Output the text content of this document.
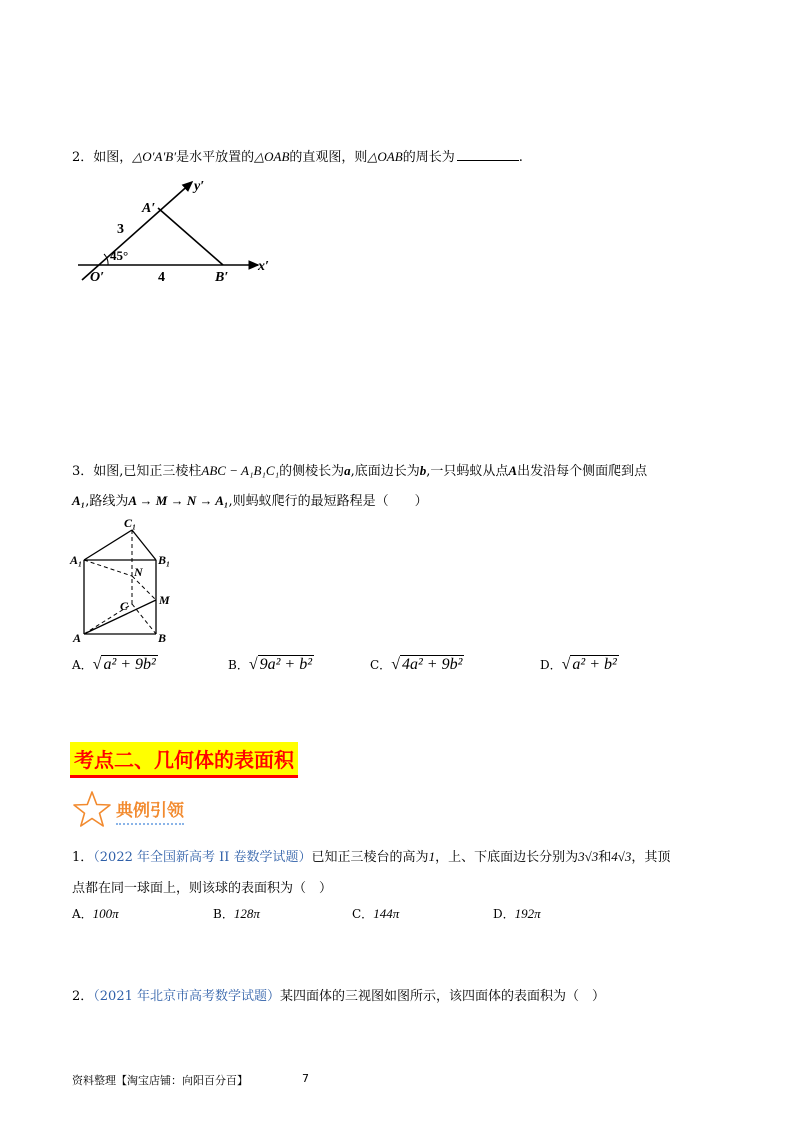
2．如图，△O′A′B′是水平放置的△OAB的直观图，则△OAB的周长为	.
A′
y′
3
45°
O′	4	B′
x′
3．如图,已知正三棱柱ABC − A₁B₁C₁的侧棱长为a,底面边长为b,一只蚂蚁从点A出发沿每个侧面爬到点
A₁,路线为A → M → N → A₁,则蚂蚁爬行的最短路程是（　　）
C₁
A₁	B₁
N
C	M
A	B
A．√ a² + 9b²	B．√ 9a² + b²	C．√ 4a² + 9b²	D．√ a² + b²
考点二、几何体的表面积
典例引领
1．（2022 年全国新高考 II 卷数学试题）已知正三棱台的高为1，上、下底面边长分别为3√3和4√3，其顶
点都在同一球面上，则该球的表面积为（　）
A．100π	B．128π	C．144π	D．192π
2．（2021 年北京市高考数学试题）某四面体的三视图如图所示，该四面体的表面积为（　）
资料整理【淘宝店铺：向阳百分百】	7
